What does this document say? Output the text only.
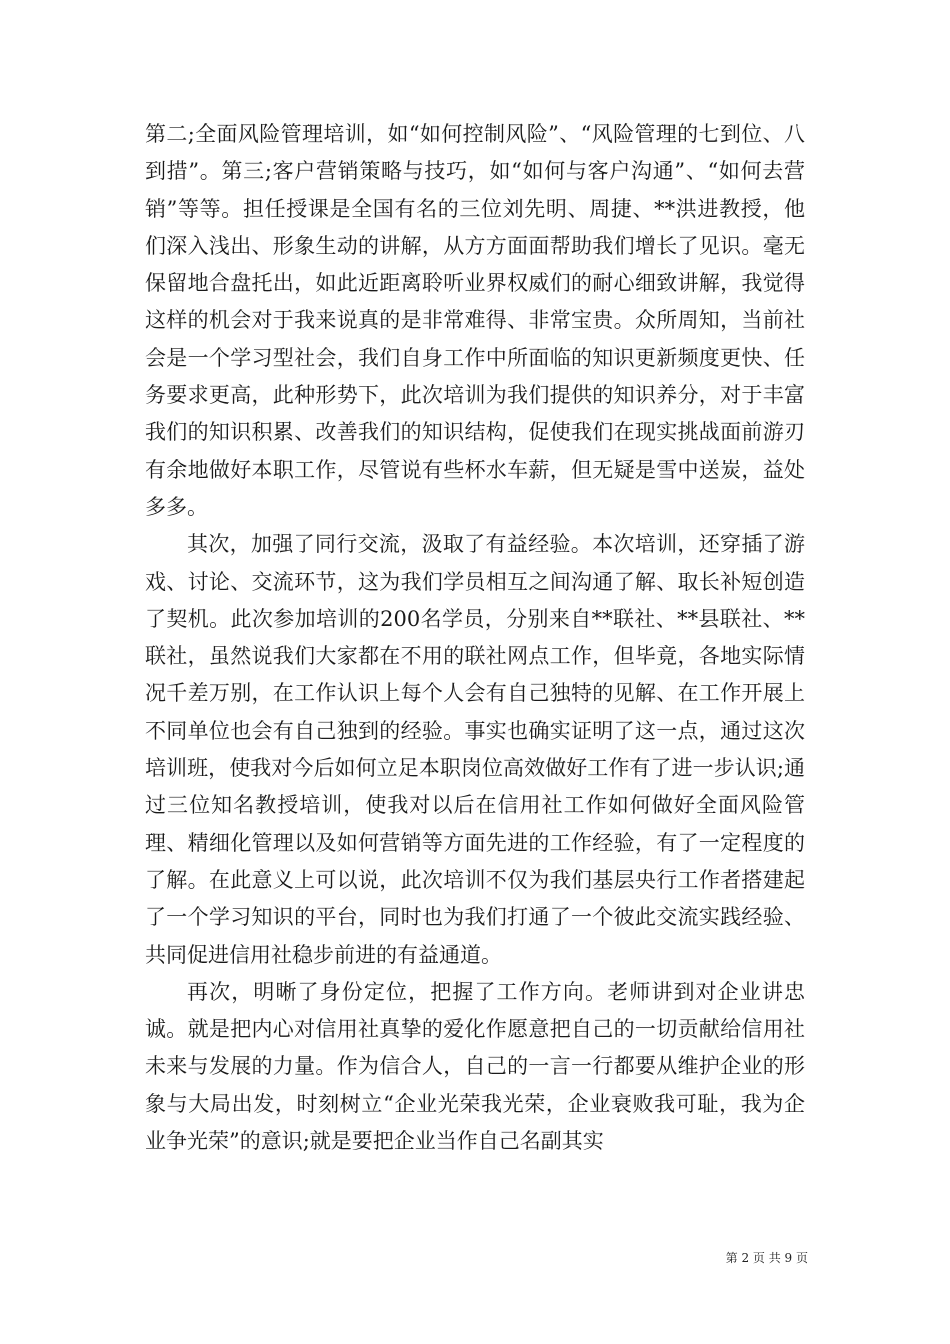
第二;全面风险管理培训，如“如何控制风险”、“风险管理的七到位、八到措”。第三;客户营销策略与技巧，如“如何与客户沟通”、“如何去营销”等等。担任授课是全国有名的三位刘先明、周捷、**洪进教授，他们深入浅出、形象生动的讲解，从方方面面帮助我们增长了见识。毫无保留地合盘托出，如此近距离聆听业界权威们的耐心细致讲解，我觉得这样的机会对于我来说真的是非常难得、非常宝贵。众所周知，当前社会是一个学习型社会，我们自身工作中所面临的知识更新频度更快、任务要求更高，此种形势下，此次培训为我们提供的知识养分，对于丰富我们的知识积累、改善我们的知识结构，促使我们在现实挑战面前游刃有余地做好本职工作，尽管说有些杯水车薪，但无疑是雪中送炭，益处多多。

其次，加强了同行交流，汲取了有益经验。本次培训，还穿插了游戏、讨论、交流环节，这为我们学员相互之间沟通了解、取长补短创造了契机。此次参加培训的200名学员，分别来自**联社、**县联社、**联社，虽然说我们大家都在不用的联社网点工作，但毕竟，各地实际情况千差万别，在工作认识上每个人会有自己独特的见解、在工作开展上不同单位也会有自己独到的经验。事实也确实证明了这一点，通过这次培训班，使我对今后如何立足本职岗位高效做好工作有了进一步认识;通过三位知名教授培训，使我对以后在信用社工作如何做好全面风险管理、精细化管理以及如何营销等方面先进的工作经验，有了一定程度的了解。在此意义上可以说，此次培训不仅为我们基层央行工作者搭建起了一个学习知识的平台，同时也为我们打通了一个彼此交流实践经验、共同促进信用社稳步前进的有益通道。

再次，明晰了身份定位，把握了工作方向。老师讲到对企业讲忠诚。就是把内心对信用社真挚的爱化作愿意把自己的一切贡献给信用社未来与发展的力量。作为信合人，自己的一言一行都要从维护企业的形象与大局出发，时刻树立“企业光荣我光荣，企业衰败我可耻，我为企业争光荣”的意识;就是要把企业当作自己名副其实

第 2 页 共 9 页
